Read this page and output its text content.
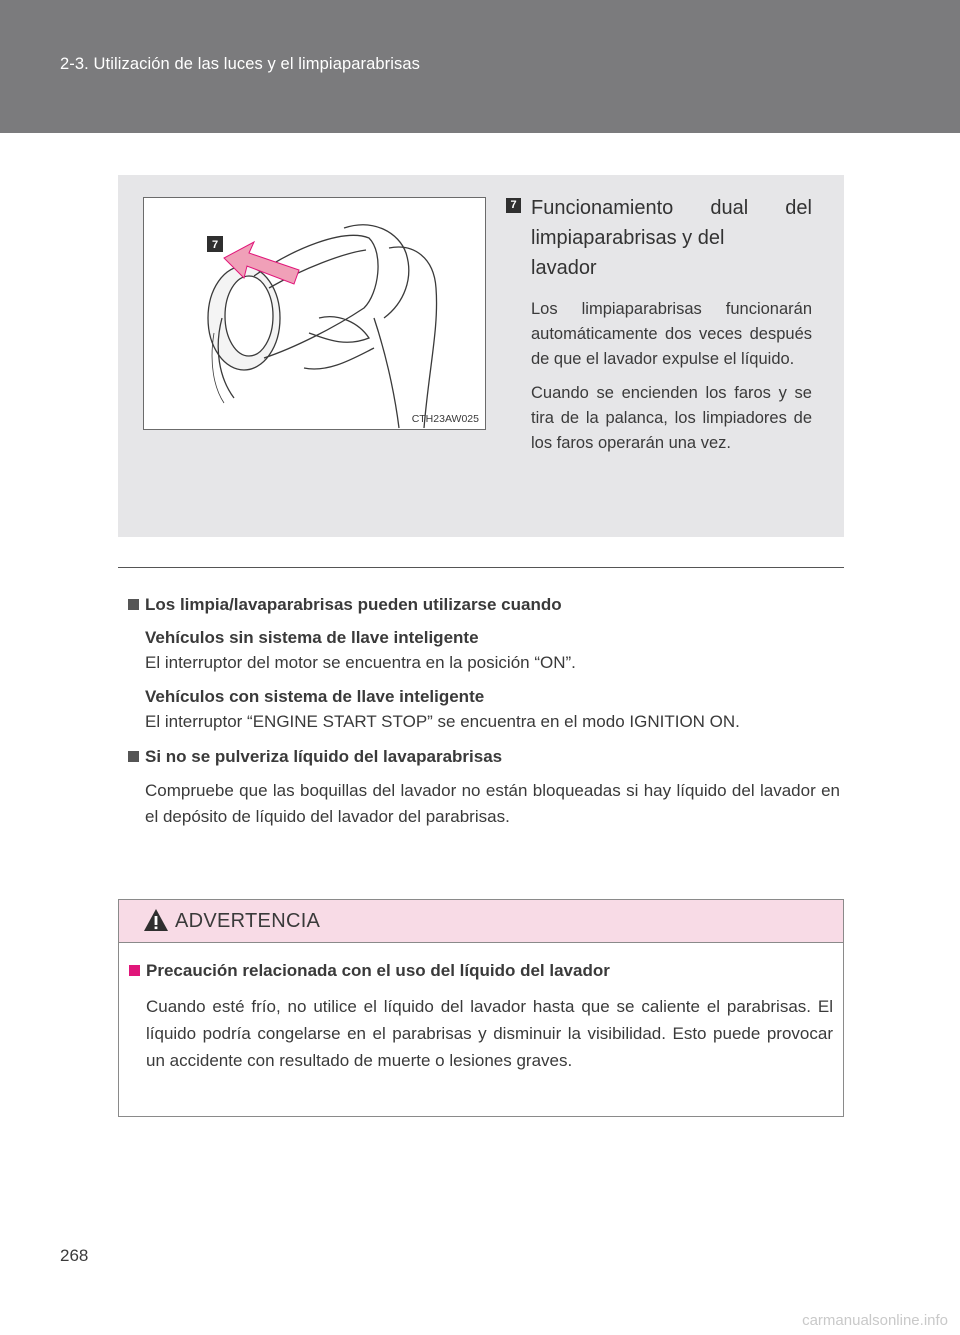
2-3. Utilización de las luces y el limpiaparabrisas
7
CTH23AW025
7 Funcionamiento dual del limpiaparabrisas y del
lavador
Los limpiaparabrisas funcionarán automáticamente dos veces después de que el lavador expulse el líquido.
Cuando se encienden los faros y se tira de la palanca, los limpiadores de los faros operarán una vez.
Los limpia/lavaparabrisas pueden utilizarse cuando
Vehículos sin sistema de llave inteligente
El interruptor del motor se encuentra en la posición “ON”.
Vehículos con sistema de llave inteligente
El interruptor “ENGINE START STOP” se encuentra en el modo IGNITION ON.
Si no se pulveriza líquido del lavaparabrisas
Compruebe que las boquillas del lavador no están bloqueadas si hay líquido del lavador en el depósito de líquido del lavador del parabrisas.
ADVERTENCIA
Precaución relacionada con el uso del líquido del lavador
Cuando esté frío, no utilice el líquido del lavador hasta que se caliente el parabrisas. El líquido podría congelarse en el parabrisas y disminuir la visibilidad. Esto puede provocar un accidente con resultado de muerte o lesiones graves.
268
carmanualsonline.info
